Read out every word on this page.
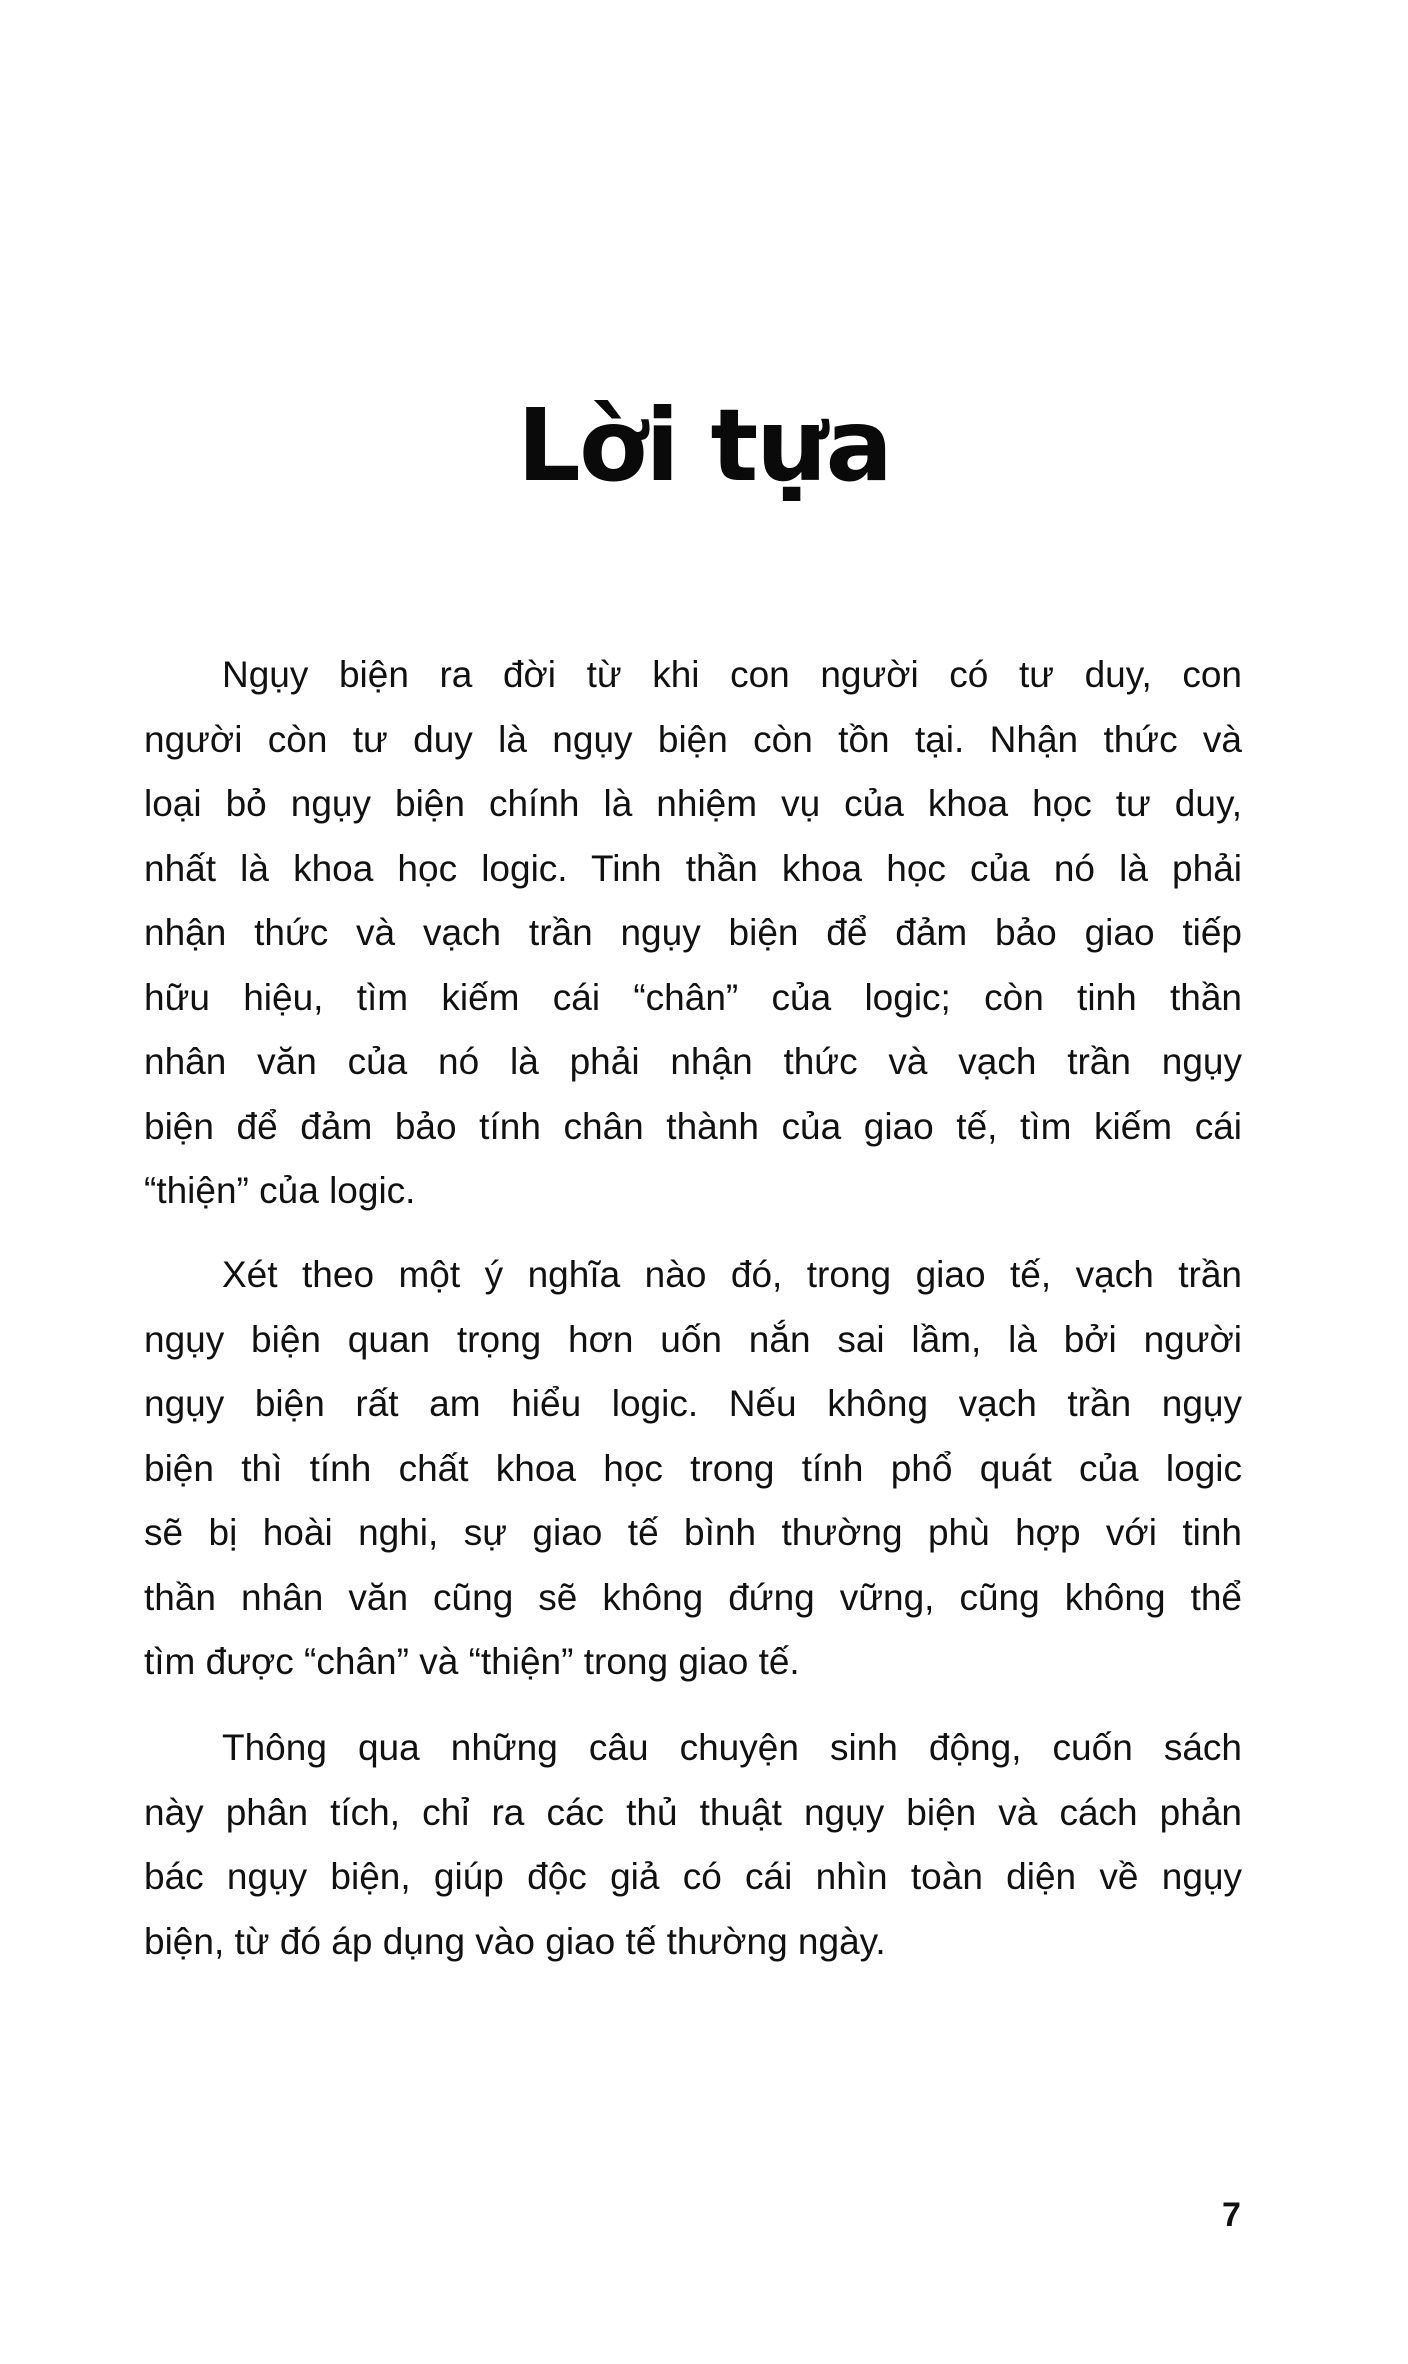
Lời tựa
Ngụy biện ra đời từ khi con người có tư duy, con
người còn tư duy là ngụy biện còn tồn tại. Nhận thức và
loại bỏ ngụy biện chính là nhiệm vụ của khoa học tư duy,
nhất là khoa học logic. Tinh thần khoa học của nó là phải
nhận thức và vạch trần ngụy biện để đảm bảo giao tiếp
hữu hiệu, tìm kiếm cái “chân” của logic; còn tinh thần
nhân văn của nó là phải nhận thức và vạch trần ngụy
biện để đảm bảo tính chân thành của giao tế, tìm kiếm cái
“thiện” của logic.
Xét theo một ý nghĩa nào đó, trong giao tế, vạch trần
ngụy biện quan trọng hơn uốn nắn sai lầm, là bởi người
ngụy biện rất am hiểu logic. Nếu không vạch trần ngụy
biện thì tính chất khoa học trong tính phổ quát của logic
sẽ bị hoài nghi, sự giao tế bình thường phù hợp với tinh
thần nhân văn cũng sẽ không đứng vững, cũng không thể
tìm được “chân” và “thiện” trong giao tế.
Thông qua những câu chuyện sinh động, cuốn sách
này phân tích, chỉ ra các thủ thuật ngụy biện và cách phản
bác ngụy biện, giúp độc giả có cái nhìn toàn diện về ngụy
biện, từ đó áp dụng vào giao tế thường ngày.
7
